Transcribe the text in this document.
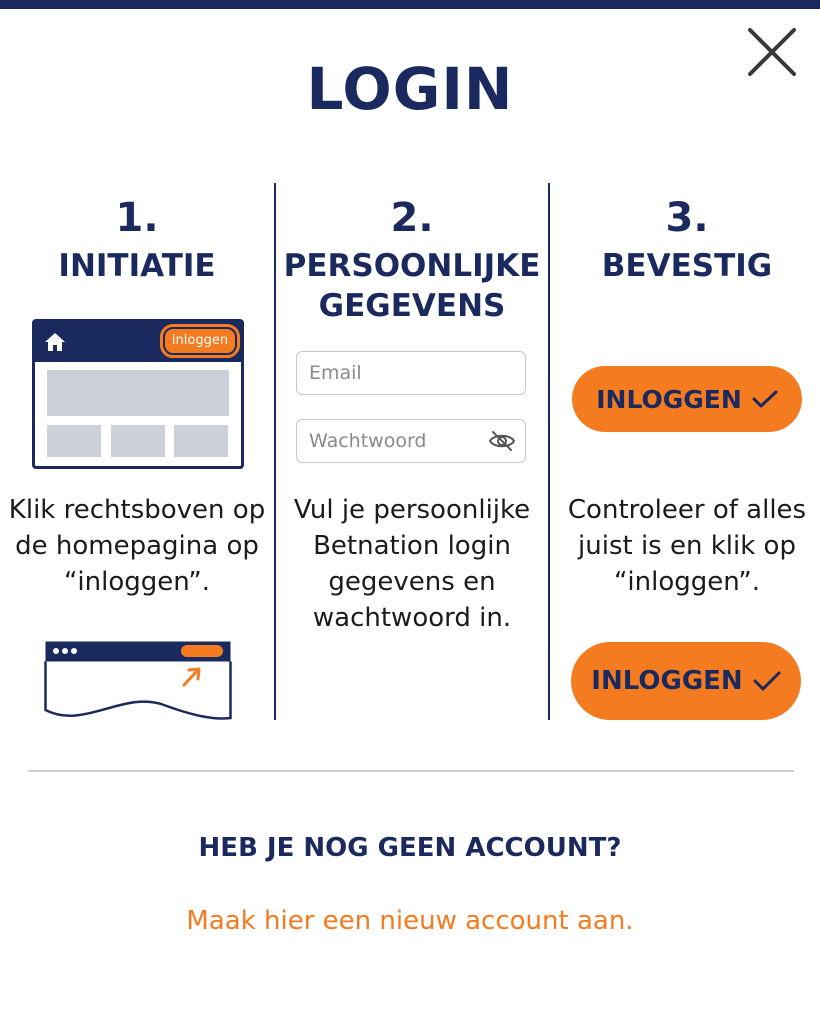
LOGIN
1.
INITIATIE
inloggen
Klik rechtsboven op de homepagina op “inloggen”.
2.
PERSOONLIJKE GEGEVENS
Email
Vul je persoonlijke Betnation login gegevens en wachtwoord in.
3.
BEVESTIG
INLOGGEN
Controleer of alles juist is en klik op “inloggen”.
INLOGGEN
HEB JE NOG GEEN ACCOUNT?
Maak hier een nieuw account aan.
